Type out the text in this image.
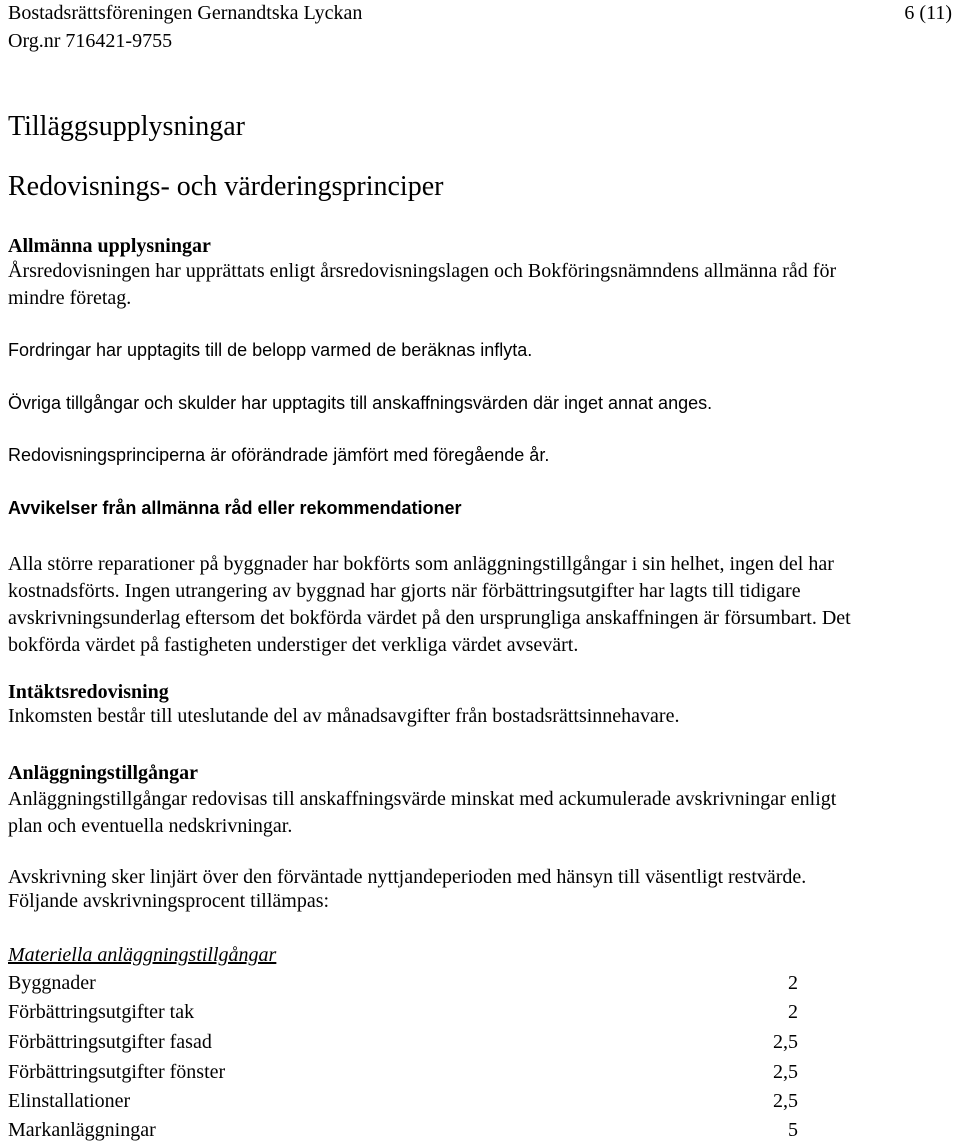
Bostadsrättsföreningen Gernandtska Lyckan	6 (11)
Org.nr 716421-9755
Tilläggsupplysningar
Redovisnings- och värderingsprinciper
Allmänna upplysningar
Årsredovisningen har upprättats enligt årsredovisningslagen och Bokföringsnämndens allmänna råd för
mindre företag.
Fordringar har upptagits till de belopp varmed de beräknas inflyta.
Övriga tillgångar och skulder har upptagits till anskaffningsvärden där inget annat anges.
Redovisningsprinciperna är oförändrade jämfört med föregående år.
Avvikelser från allmänna råd eller rekommendationer
Alla större reparationer på byggnader har bokförts som anläggningstillgångar i sin helhet, ingen del har
kostnadsförts. Ingen utrangering av byggnad har gjorts när förbättringsutgifter har lagts till tidigare
avskrivningsunderlag eftersom det bokförda värdet på den ursprungliga anskaffningen är försumbart. Det
bokförda värdet på fastigheten understiger det verkliga värdet avsevärt.
Intäktsredovisning
Inkomsten består till uteslutande del av månadsavgifter från bostadsrättsinnehavare.
Anläggningstillgångar
Anläggningstillgångar redovisas till anskaffningsvärde minskat med ackumulerade avskrivningar enligt
plan och eventuella nedskrivningar.
Avskrivning sker linjärt över den förväntade nyttjandeperioden med hänsyn till väsentligt restvärde.
Följande avskrivningsprocent tillämpas:
Materiella anläggningstillgångar
Byggnader	2
Förbättringsutgifter tak	2
Förbättringsutgifter fasad	2,5
Förbättringsutgifter fönster	2,5
Elinstallationer	2,5
Markanläggningar	5
